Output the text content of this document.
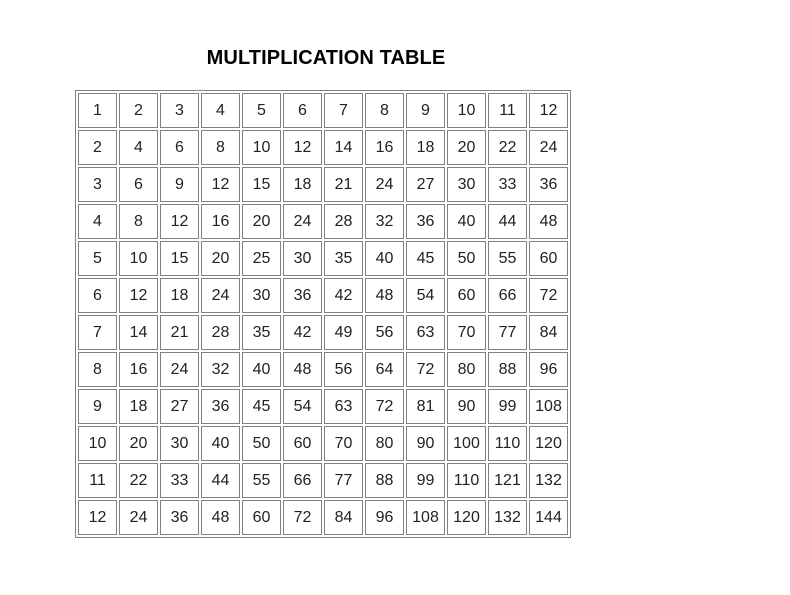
MULTIPLICATION TABLE
1	2	3	4	5	6	7	8	9	10	11	12
2	4	6	8	10	12	14	16	18	20	22	24
3	6	9	12	15	18	21	24	27	30	33	36
4	8	12	16	20	24	28	32	36	40	44	48
5	10	15	20	25	30	35	40	45	50	55	60
6	12	18	24	30	36	42	48	54	60	66	72
7	14	21	28	35	42	49	56	63	70	77	84
8	16	24	32	40	48	56	64	72	80	88	96
9	18	27	36	45	54	63	72	81	90	99	108
10	20	30	40	50	60	70	80	90	100	110	120
11	22	33	44	55	66	77	88	99	110	121	132
12	24	36	48	60	72	84	96	108	120	132	144
